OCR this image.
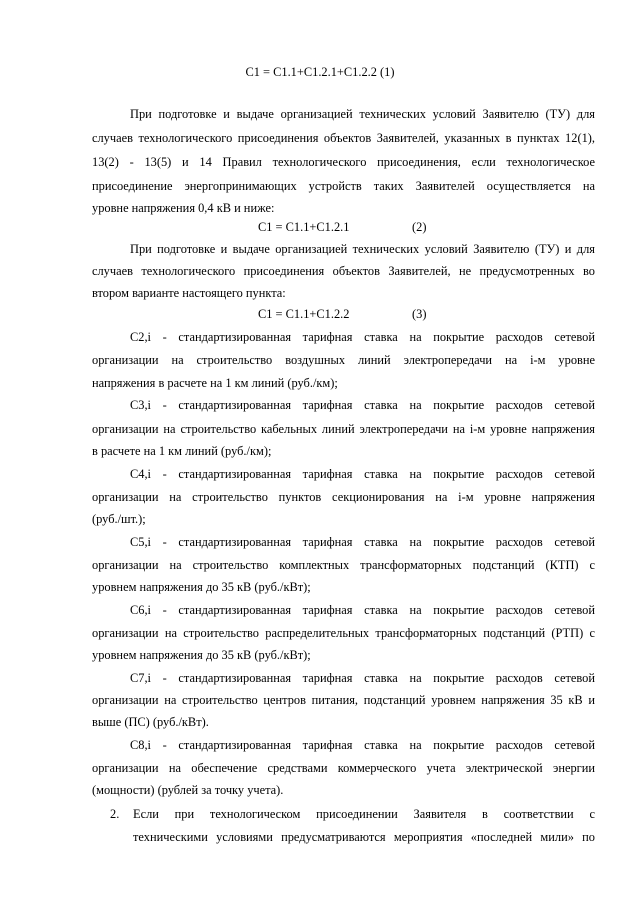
C1 = C1.1+C1.2.1+C1.2.2 (1)
При подготовке и выдаче организацией технических условий Заявителю (ТУ) для
случаев технологического присоединения объектов Заявителей, указанных в пунктах 12(1),
13(2) - 13(5) и 14 Правил технологического присоединения, если технологическое
присоединение энергопринимающих устройств таких Заявителей осуществляется на
уровне напряжения 0,4 кВ и ниже:
C1 = C1.1+C1.2.1	(2)
При подготовке и выдаче организацией технических условий Заявителю (ТУ) и для
случаев технологического присоединения объектов Заявителей, не предусмотренных во
втором варианте настоящего пункта:
C1 = C1.1+C1.2.2	(3)
C2,i - стандартизированная тарифная ставка на покрытие расходов сетевой
организации на строительство воздушных линий электропередачи на i-м уровне
напряжения в расчете на 1 км линий (руб./км);
C3,i - стандартизированная тарифная ставка на покрытие расходов сетевой
организации на строительство кабельных линий электропередачи на i-м уровне напряжения
в расчете на 1 км линий (руб./км);
C4,i - стандартизированная тарифная ставка на покрытие расходов сетевой
организации на строительство пунктов секционирования на i-м уровне напряжения
(руб./шт.);
C5,i - стандартизированная тарифная ставка на покрытие расходов сетевой
организации на строительство комплектных трансформаторных подстанций (КТП) с
уровнем напряжения до 35 кВ (руб./кВт);
C6,i - стандартизированная тарифная ставка на покрытие расходов сетевой
организации на строительство распределительных трансформаторных подстанций (РТП) с
уровнем напряжения до 35 кВ (руб./кВт);
C7,i - стандартизированная тарифная ставка на покрытие расходов сетевой
организации на строительство центров питания, подстанций уровнем напряжения 35 кВ и
выше (ПС) (руб./кВт).
C8,i - стандартизированная тарифная ставка на покрытие расходов сетевой
организации на обеспечение средствами коммерческого учета электрической энергии
(мощности) (рублей за точку учета).
2. Если при технологическом присоединении Заявителя в соответствии с
техническими условиями предусматриваются мероприятия «последней мили» по
